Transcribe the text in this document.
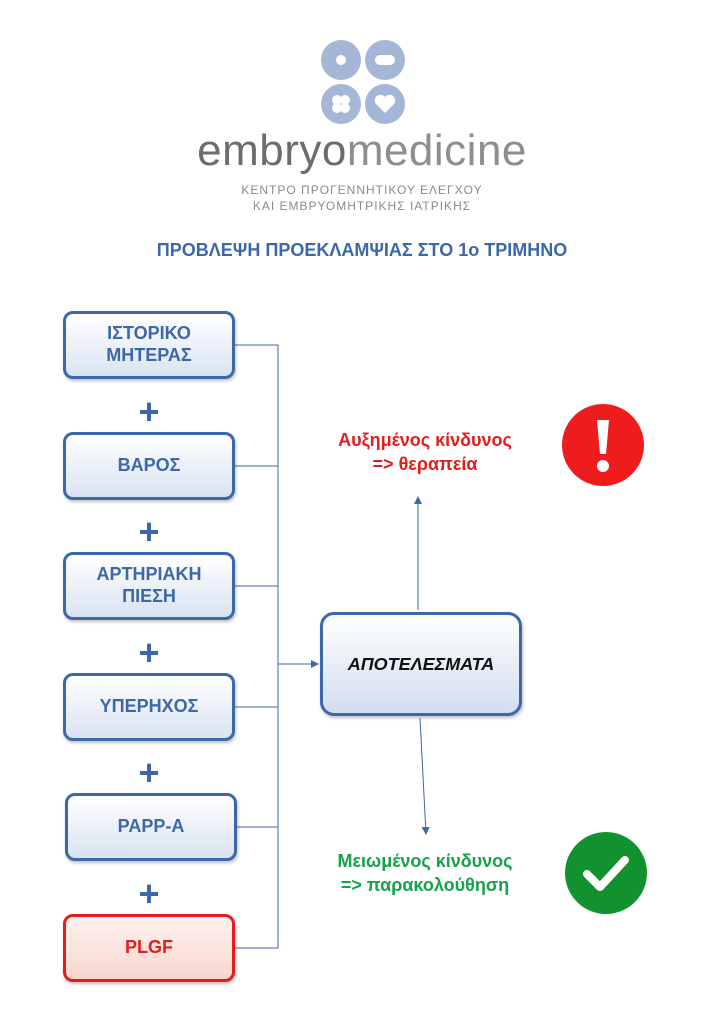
embryomedicine
ΚΕΝΤΡΟ ΠΡΟΓΕΝΝΗΤΙΚΟΥ ΕΛΕΓΧΟΥ
ΚΑΙ ΕΜΒΡΥΟΜΗΤΡΙΚΗΣ ΙΑΤΡΙΚΗΣ
ΠΡΟΒΛΕΨΗ ΠΡΟΕΚΛΑΜΨΙΑΣ ΣΤΟ 1ο ΤΡΙΜΗΝΟ
ΙΣΤΟΡΙΚΟ
ΜΗΤΕΡΑΣ
+
ΒΑΡΟΣ
+
ΑΡΤΗΡΙΑΚΗ
ΠΙΕΣΗ
+
ΥΠΕΡΗΧΟΣ
+
PAPP-A
+
PLGF
ΑΠΟΤΕΛΕΣΜΑΤΑ
Αυξημένος κίνδυνος
=> θεραπεία
Μειωμένος κίνδυνος
=> παρακολούθηση
